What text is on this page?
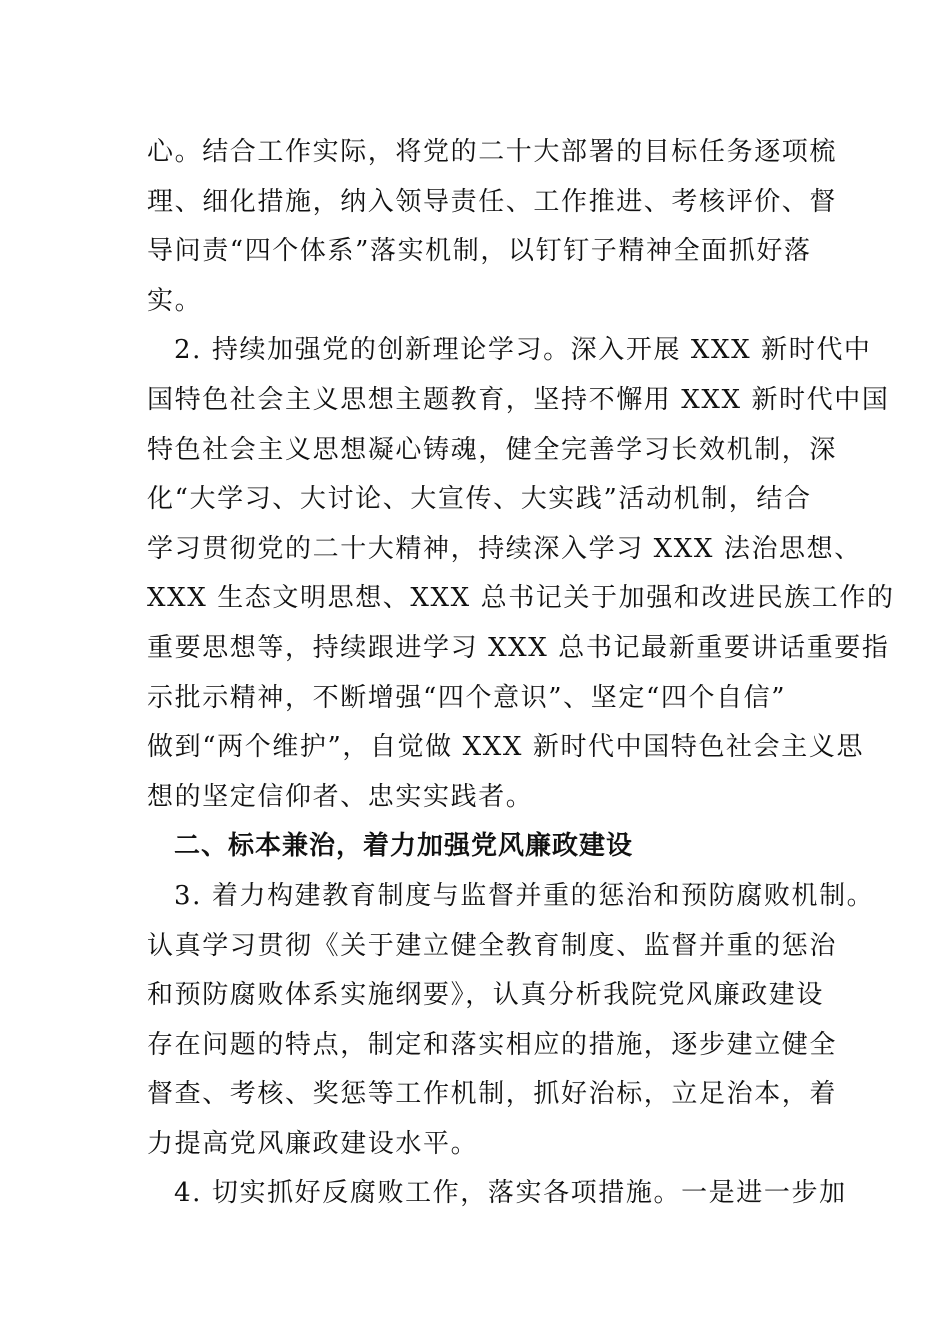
心。结合工作实际，将党的二十大部署的目标任务逐项梳
理、细化措施，纳入领导责任、工作推进、考核评价、督
导问责“四个体系”落实机制，以钉钉子精神全面抓好落
实。
2. 持续加强党的创新理论学习。深入开展 XXX 新时代中
国特色社会主义思想主题教育，坚持不懈用 XXX 新时代中国
特色社会主义思想凝心铸魂，健全完善学习长效机制，深
化“大学习、大讨论、大宣传、大实践”活动机制，结合
学习贯彻党的二十大精神，持续深入学习 XXX 法治思想、
XXX 生态文明思想、XXX 总书记关于加强和改进民族工作的
重要思想等，持续跟进学习 XXX 总书记最新重要讲话重要指
示批示精神，不断增强“四个意识”、坚定“四个自信”
做到“两个维护”，自觉做 XXX 新时代中国特色社会主义思
想的坚定信仰者、忠实实践者。
二、标本兼治，着力加强党风廉政建设
3. 着力构建教育制度与监督并重的惩治和预防腐败机制。
认真学习贯彻《关于建立健全教育制度、监督并重的惩治
和预防腐败体系实施纲要》，认真分析我院党风廉政建设
存在问题的特点，制定和落实相应的措施，逐步建立健全
督查、考核、奖惩等工作机制，抓好治标，立足治本，着
力提高党风廉政建设水平。
4. 切实抓好反腐败工作，落实各项措施。一是进一步加
